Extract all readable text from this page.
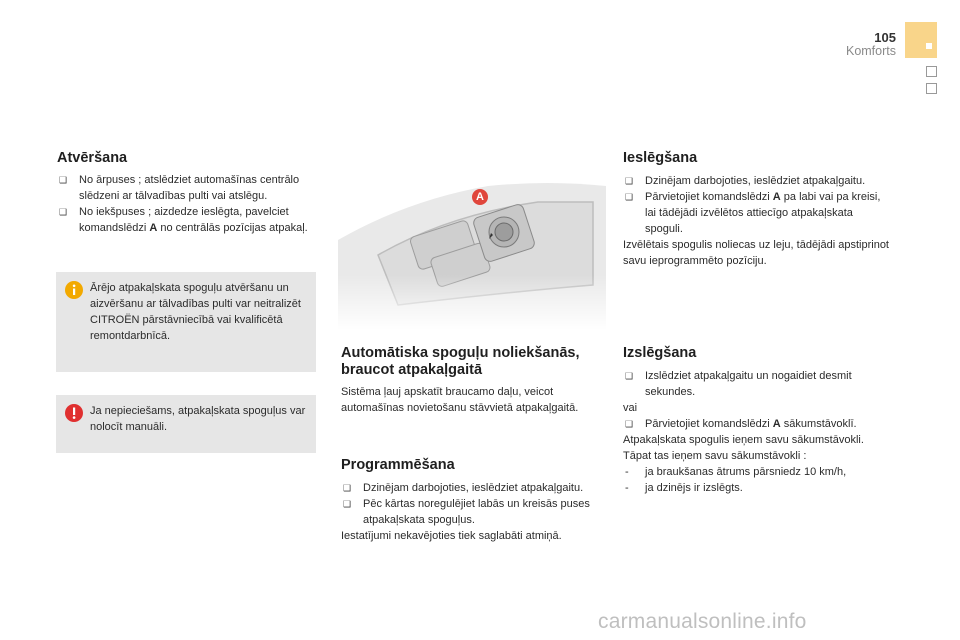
105
Komforts
Atvēršana
❑ No ārpuses ; atslēdziet automašīnas centrālo slēdzeni ar tālvadības pulti vai atslēgu.
❑ No iekšpuses ; aizdedze ieslēgta, pavelciet komandslēdzi A no centrālās pozīcijas atpakaļ.
Ārējo atpakaļskata spoguļu atvēršanu un aizvēršanu ar tālvadības pulti var neitralizēt CITROËN pārstāvniecībā vai kvalificētā remontdarbnīcā.
Ja nepieciešams, atpakaļskata spoguļus var nolocīt manuāli.
A
Automātiska spoguļu noliekšanās, braucot atpakaļgaitā
Sistēma ļauj apskatīt braucamo daļu, veicot automašīnas novietošanu stāvvietā atpakaļgaitā.
Programmēšana
❑ Dzinējam darbojoties, ieslēdziet atpakaļgaitu.
❑ Pēc kārtas noregulējiet labās un kreisās puses atpakaļskata spoguļus.
Iestatījumi nekavējoties tiek saglabāti atmiņā.
Ieslēgšana
❑ Dzinējam darbojoties, ieslēdziet atpakaļgaitu.
❑ Pārvietojiet komandslēdzi A pa labi vai pa kreisi, lai tādējādi izvēlētos attiecīgo atpakaļskata spoguli.
Izvēlētais spogulis noliecas uz leju, tādējādi apstiprinot savu ieprogrammēto pozīciju.
Izslēgšana
❑ Izslēdziet atpakaļgaitu un nogaidiet desmit sekundes.
vai
❑ Pārvietojiet komandslēdzi A sākumstāvoklī.
Atpakaļskata spogulis ieņem savu sākumstāvokli.
Tāpat tas ieņem savu sākumstāvokli :
- ja braukšanas ātrums pārsniedz 10 km/h,
- ja dzinējs ir izslēgts.
carmanualsonline.info
